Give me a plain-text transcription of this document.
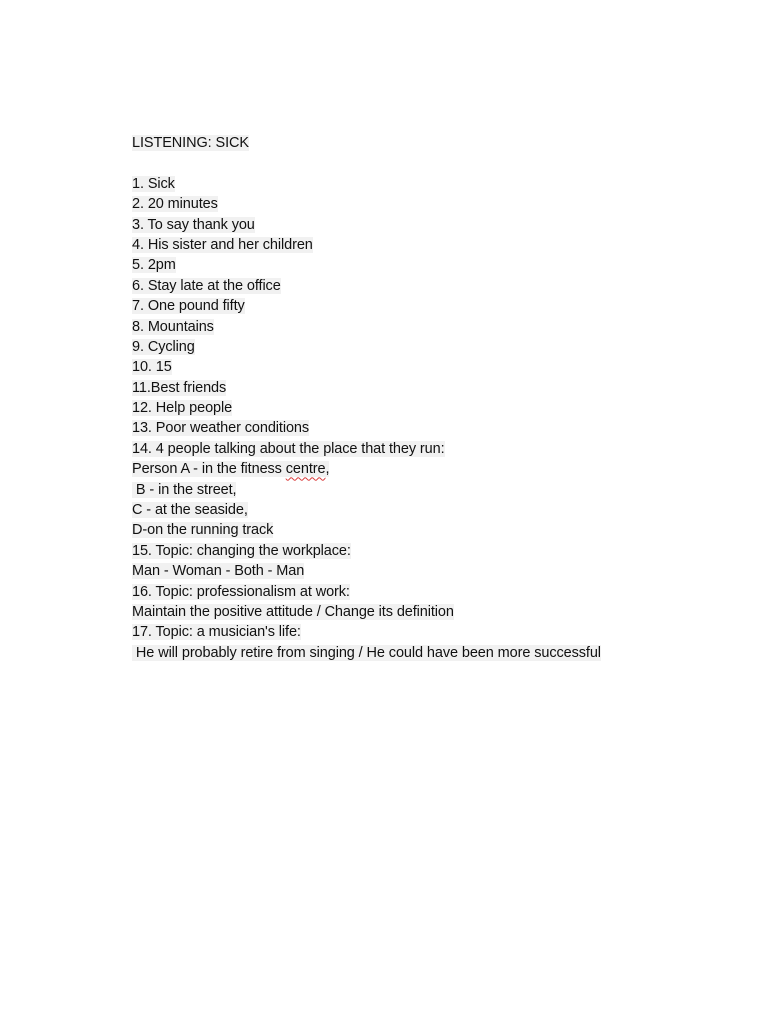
LISTENING: SICK
1. Sick
2. 20 minutes
3. To say thank you
4. His sister and her children
5. 2pm
6. Stay late at the office
7. One pound fifty
8. Mountains
9. Cycling
10. 15
11.Best friends
12. Help people
13. Poor weather conditions
14. 4 people talking about the place that they run:
Person A - in the fitness centre,
B - in the street,
C - at the seaside,
D-on the running track
15. Topic: changing the workplace:
Man - Woman - Both - Man
16. Topic: professionalism at work:
Maintain the positive attitude / Change its definition
17. Topic: a musician's life:
He will probably retire from singing / He could have been more successful
